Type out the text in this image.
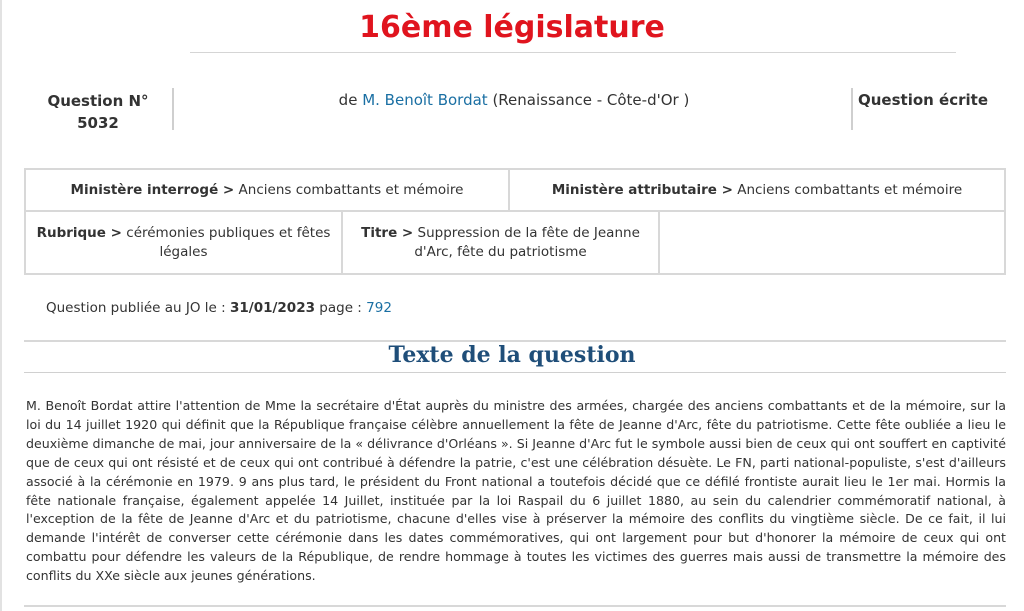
16ème législature
Question N°
5032
de M. Benoît Bordat (Renaissance - Côte-d'Or )	Question écrite
Ministère interrogé > Anciens combattants et mémoire	Ministère attributaire > Anciens combattants et mémoire
Rubrique > cérémonies publiques et fêtes légales
Titre > Suppression de la fête de Jeanne d'Arc, fête du patriotisme
Question publiée au JO le : 31/01/2023 page : 792
Texte de la question

M. Benoît Bordat attire l'attention de Mme la secrétaire d'État auprès du ministre des armées, chargée des anciens combattants et de la mémoire, sur la loi du 14 juillet 1920 qui définit que la République française célèbre annuellement la fête de Jeanne d'Arc, fête du patriotisme. Cette fête oubliée a lieu le deuxième dimanche de mai, jour anniversaire de la « délivrance d'Orléans ». Si Jeanne d'Arc fut le symbole aussi bien de ceux qui ont souffert en captivité que de ceux qui ont résisté et de ceux qui ont contribué à défendre la patrie, c'est une célébration désuète. Le FN, parti national-populiste, s'est d'ailleurs associé à la cérémonie en 1979. 9 ans plus tard, le président du Front national a toutefois décidé que ce défilé frontiste aurait lieu le 1er mai. Hormis la fête nationale française, également appelée 14 Juillet, instituée par la loi Raspail du 6 juillet 1880, au sein du calendrier commémoratif national, à l'exception de la fête de Jeanne d'Arc et du patriotisme, chacune d'elles vise à préserver la mémoire des conflits du vingtième siècle. De ce fait, il lui demande l'intérêt de converser cette cérémonie dans les dates commémoratives, qui ont largement pour but d'honorer la mémoire de ceux qui ont combattu pour défendre les valeurs de la République, de rendre hommage à toutes les victimes des guerres mais aussi de transmettre la mémoire des conflits du XXe siècle aux jeunes générations.
